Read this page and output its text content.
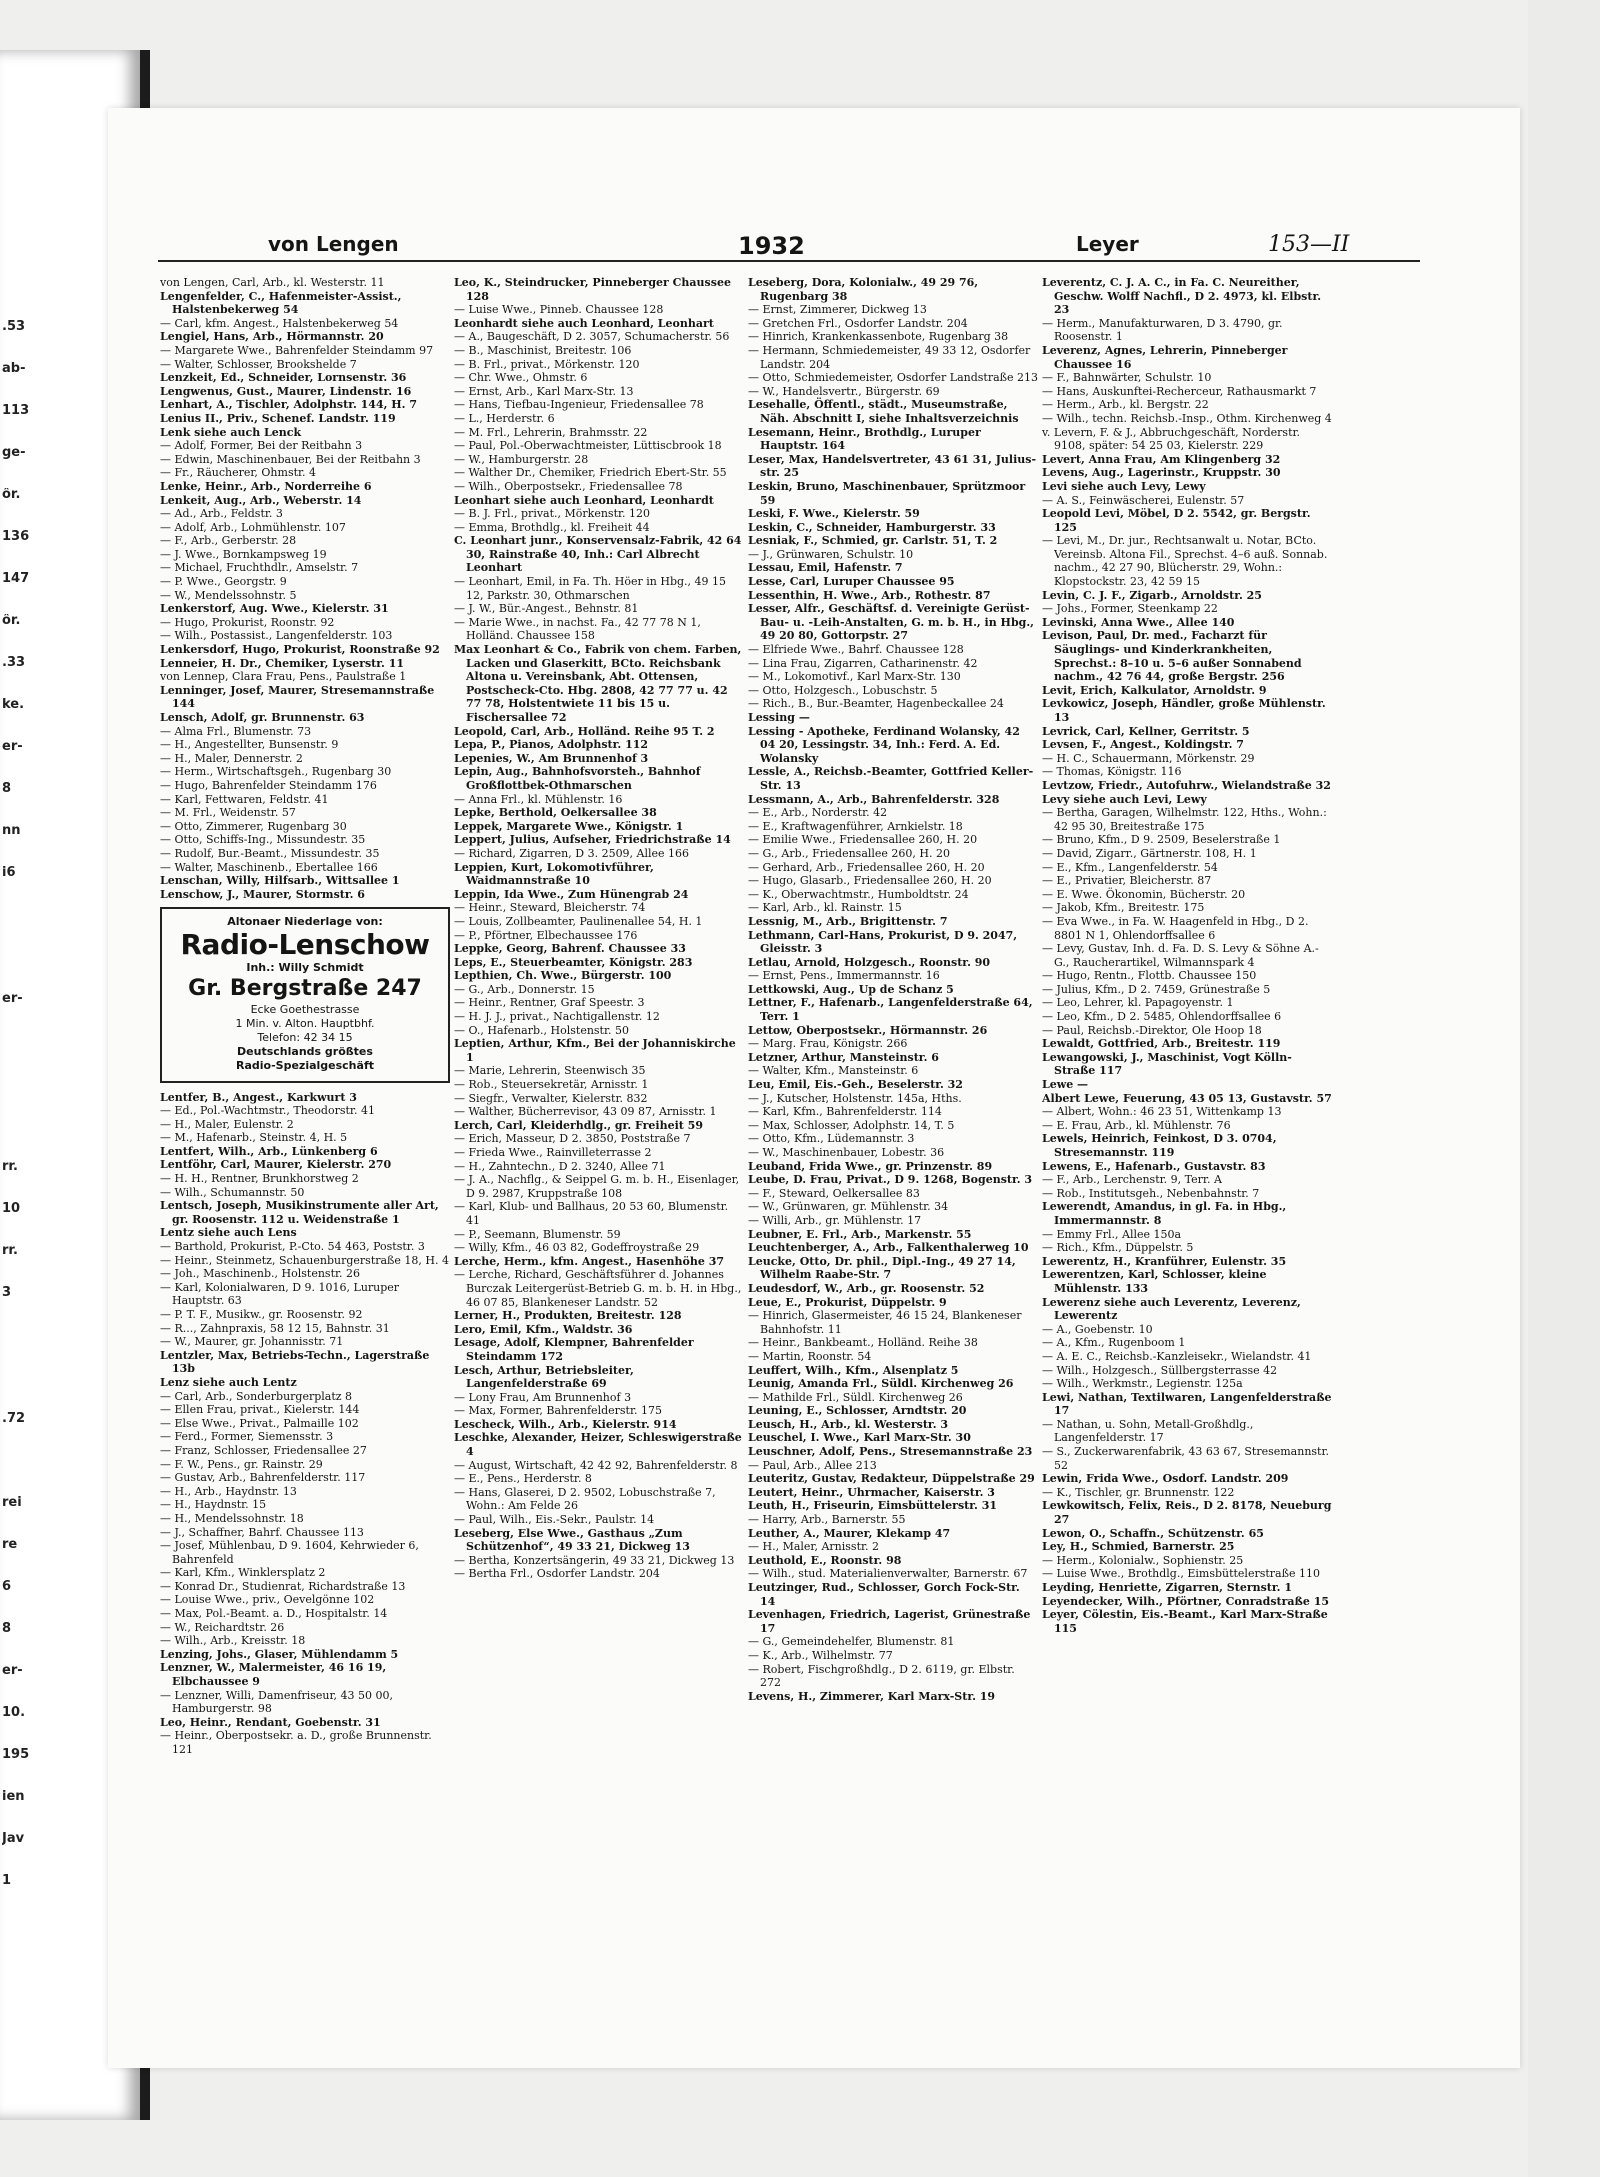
.53
ab-
113
ge-
ôr.
136
147
ôr.
.33
ke.
er-
8
nn
i6
er-
rr.
10
rr.
3
.72
rei
re
6
8
er-
10.
195
ien
Jav
1
von Lengen	1932	Leyer	153—II

von Lengen, Carl, Arb., kl. Westerstr. 11

Lengenfelder, C., Hafenmeister-Assist., Halstenbekerweg 54

— Carl, kfm. Angest., Halstenbekerweg 54

Lengiel, Hans, Arb., Hörmannstr. 20

— Margarete Wwe., Bahrenfelder Steindamm 97

— Walter, Schlosser, Brookshelde 7

Lenzkeit, Ed., Schneider, Lornsenstr. 36

Lengwenus, Gust., Maurer, Lindenstr. 16

Lenhart, A., Tischler, Adolphstr. 144, H. 7

Lenius II., Priv., Schenef. Landstr. 119

Lenk siehe auch Lenck

— Adolf, Former, Bei der Reitbahn 3

— Edwin, Maschinenbauer, Bei der Reitbahn 3

— Fr., Räucherer, Ohmstr. 4

Lenke, Heinr., Arb., Norderreihe 6

Lenkeit, Aug., Arb., Weberstr. 14

— Ad., Arb., Feldstr. 3

— Adolf, Arb., Lohmühlenstr. 107

— F., Arb., Gerberstr. 28

— J. Wwe., Bornkampsweg 19

— Michael, Fruchthdlr., Amselstr. 7

— P. Wwe., Georgstr. 9

— W., Mendelssohnstr. 5

Lenkerstorf, Aug. Wwe., Kielerstr. 31

— Hugo, Prokurist, Roonstr. 92

— Wilh., Postassist., Langenfelderstr. 103

Lenkersdorf, Hugo, Prokurist, Roonstraße 92

Lenneier, H. Dr., Chemiker, Lyserstr. 11

von Lennep, Clara Frau, Pens., Paulstraße 1

Lenninger, Josef, Maurer, Stresemannstraße 144

Lensch, Adolf, gr. Brunnenstr. 63

— Alma Frl., Blumenstr. 73

— H., Angestellter, Bunsenstr. 9

— H., Maler, Dennerstr. 2

— Herm., Wirtschaftsgeh., Rugenbarg 30

— Hugo, Bahrenfelder Steindamm 176

— Karl, Fettwaren, Feldstr. 41

— M. Frl., Weidenstr. 57

— Otto, Zimmerer, Rugenbarg 30

— Otto, Schiffs-Ing., Missundestr. 35

— Rudolf, Bur.-Beamt., Missundestr. 35

— Walter, Maschinenb., Ebertallee 166

Lenschan, Willy, Hilfsarb., Wittsallee 1

Lenschow, J., Maurer, Stormstr. 6

Altonaer Niederlage von:
Radio-Lenschow
Inh.: Willy Schmidt
Gr. Bergstraße 247
Ecke Goethestrasse
1 Min. v. Alton. Hauptbhf.
Telefon: 42 34 15
Deutschlands größtes
Radio-Spezialgeschäft

Lentfer, B., Angest., Karkwurt 3

— Ed., Pol.-Wachtmstr., Theodorstr. 41

— H., Maler, Eulenstr. 2

— M., Hafenarb., Steinstr. 4, H. 5

Lentfert, Wilh., Arb., Lünkenberg 6

Lentföhr, Carl, Maurer, Kielerstr. 270

— H. H., Rentner, Brunkhorstweg 2

— Wilh., Schumannstr. 50

Lentsch, Joseph, Musikinstrumente aller Art, gr. Roosenstr. 112 u. Weidenstraße 1

Lentz siehe auch Lens

— Barthold, Prokurist, P.-Cto. 54 463, Poststr. 3

— Heinr., Steinmetz, Schauenburgerstraße 18, H. 4

— Joh., Maschinenb., Holstenstr. 26

— Karl, Kolonialwaren, D 9. 1016, Luruper Hauptstr. 63

— P. T. F., Musikw., gr. Roosenstr. 92

— R..., Zahnpraxis, 58 12 15, Bahnstr. 31

— W., Maurer, gr. Johannisstr. 71

Lentzler, Max, Betriebs-Techn., Lagerstraße 13b

Lenz siehe auch Lentz

— Carl, Arb., Sonderburgerplatz 8

— Ellen Frau, privat., Kielerstr. 144

— Else Wwe., Privat., Palmaille 102

— Ferd., Former, Siemensstr. 3

— Franz, Schlosser, Friedensallee 27

— F. W., Pens., gr. Rainstr. 29

— Gustav, Arb., Bahrenfelderstr. 117

— H., Arb., Haydnstr. 13

— H., Haydnstr. 15

— H., Mendelssohnstr. 18

— J., Schaffner, Bahrf. Chaussee 113

— Josef, Mühlenbau, D 9. 1604, Kehrwieder 6, Bahrenfeld

— Karl, Kfm., Winklersplatz 2

— Konrad Dr., Studienrat, Richardstraße 13

— Louise Wwe., priv., Oevelgönne 102

— Max, Pol.-Beamt. a. D., Hospitalstr. 14

— W., Reichardtstr. 26

— Wilh., Arb., Kreisstr. 18

Lenzing, Johs., Glaser, Mühlendamm 5

Lenzner, W., Malermeister, 46 16 19, Elbchaussee 9

— Lenzner, Willi, Damenfriseur, 43 50 00, Hamburgerstr. 98

Leo, Heinr., Rendant, Goebenstr. 31

— Heinr., Oberpostsekr. a. D., große Brunnenstr. 121

Leo, K., Steindrucker, Pinneberger Chaussee 128

— Luise Wwe., Pinneb. Chaussee 128

Leonhardt siehe auch Leonhard, Leonhart

— A., Baugeschäft, D 2. 3057, Schumacherstr. 56

— B., Maschinist, Breitestr. 106

— B. Frl., privat., Mörkenstr. 120

— Chr. Wwe., Ohmstr. 6

— Ernst, Arb., Karl Marx-Str. 13

— Hans, Tiefbau-Ingenieur, Friedensallee 78

— L., Herderstr. 6

— M. Frl., Lehrerin, Brahmsstr. 22

— Paul, Pol.-Oberwachtmeister, Lüttiscbrook 18

— W., Hamburgerstr. 28

— Walther Dr., Chemiker, Friedrich Ebert-Str. 55

— Wilh., Oberpostsekr., Friedensallee 78

Leonhart siehe auch Leonhard, Leonhardt

— B. J. Frl., privat., Mörkenstr. 120

— Emma, Brothdlg., kl. Freiheit 44

C. Leonhart junr., Konservensalz-Fabrik, 42 64 30, Rainstraße 40, Inh.: Carl Albrecht Leonhart

— Leonhart, Emil, in Fa. Th. Höer in Hbg., 49 15 12, Parkstr. 30, Othmarschen

— J. W., Bür.-Angest., Behnstr. 81

— Marie Wwe., in nachst. Fa., 42 77 78 N 1, Holländ. Chaussee 158

Max Leonhart & Co., Fabrik von chem. Farben, Lacken und Glaserkitt, BCto. Reichsbank Altona u. Vereinsbank, Abt. Ottensen, Postscheck-Cto. Hbg. 2808, 42 77 77 u. 42 77 78, Holstentwiete 11 bis 15 u. Fischersallee 72

Leopold, Carl, Arb., Holländ. Reihe 95 T. 2

Lepa, P., Pianos, Adolphstr. 112

Lepenies, W., Am Brunnenhof 3

Lepin, Aug., Bahnhofsvorsteh., Bahnhof Großflottbek-Othmarschen

— Anna Frl., kl. Mühlenstr. 16

Lepke, Berthold, Oelkersallee 38

Leppek, Margarete Wwe., Königstr. 1

Leppert, Julius, Aufseher, Friedrichstraße 14

— Richard, Zigarren, D 3. 2509, Allee 166

Leppien, Kurt, Lokomotivführer, Waidmannstraße 10

Leppin, Ida Wwe., Zum Hünengrab 24

— Heinr., Steward, Bleicherstr. 74

— Louis, Zollbeamter, Paulinenallee 54, H. 1

— P., Pförtner, Elbechaussee 176

Leppke, Georg, Bahrenf. Chaussee 33

Leps, E., Steuerbeamter, Königstr. 283

Lepthien, Ch. Wwe., Bürgerstr. 100

— G., Arb., Donnerstr. 15

— Heinr., Rentner, Graf Speestr. 3

— H. J. J., privat., Nachtigallenstr. 12

— O., Hafenarb., Holstenstr. 50

Leptien, Arthur, Kfm., Bei der Johanniskirche 1

— Marie, Lehrerin, Steenwisch 35

— Rob., Steuersekretär, Arnisstr. 1

— Siegfr., Verwalter, Kielerstr. 832

— Walther, Bücherrevisor, 43 09 87, Arnisstr. 1

Lerch, Carl, Kleiderhdlg., gr. Freiheit 59

— Erich, Masseur, D 2. 3850, Poststraße 7

— Frieda Wwe., Rainvilleterrasse 2

— H., Zahntechn., D 2. 3240, Allee 71

— J. A., Nachflg., & Seippel G. m. b. H., Eisenlager, D 9. 2987, Kruppstraße 108

— Karl, Klub- und Ballhaus, 20 53 60, Blumenstr. 41

— P., Seemann, Blumenstr. 59

— Willy, Kfm., 46 03 82, Godeffroystraße 29

Lerche, Herm., kfm. Angest., Hasenhöhe 37

— Lerche, Richard, Geschäftsführer d. Johannes Burczak Leitergerüst-Betrieb G. m. b. H. in Hbg., 46 07 85, Blankeneser Landstr. 52

Lerner, H., Produkten, Breitestr. 128

Lero, Emil, Kfm., Waldstr. 36

Lesage, Adolf, Klempner, Bahrenfelder Steindamm 172

Lesch, Arthur, Betriebsleiter, Langenfelderstraße 69

— Lony Frau, Am Brunnenhof 3

— Max, Former, Bahrenfelderstr. 175

Lescheck, Wilh., Arb., Kielerstr. 914

Leschke, Alexander, Heizer, Schleswigerstraße 4

— August, Wirtschaft, 42 42 92, Bahrenfelderstr. 8

— E., Pens., Herderstr. 8

— Hans, Glaserei, D 2. 9502, Lobuschstraße 7, Wohn.: Am Felde 26

— Paul, Wilh., Eis.-Sekr., Paulstr. 14

Leseberg, Else Wwe., Gasthaus „Zum Schützenhof“, 49 33 21, Dickweg 13

— Bertha, Konzertsängerin, 49 33 21, Dickweg 13

— Bertha Frl., Osdorfer Landstr. 204

Leseberg, Dora, Kolonialw., 49 29 76, Rugenbarg 38

— Ernst, Zimmerer, Dickweg 13

— Gretchen Frl., Osdorfer Landstr. 204

— Hinrich, Krankenkassenbote, Rugenbarg 38

— Hermann, Schmiedemeister, 49 33 12, Osdorfer Landstr. 204

— Otto, Schmiedemeister, Osdorfer Landstraße 213

— W., Handelsvertr., Bürgerstr. 69

Lesehalle, Öffentl., städt., Museumstraße, Näh. Abschnitt I, siehe Inhaltsverzeichnis

Lesemann, Heinr., Brothdlg., Luruper Hauptstr. 164

Leser, Max, Handelsvertreter, 43 61 31, Juliusstr. 25

Leskin, Bruno, Maschinenbauer, Sprützmoor 59

Leski, F. Wwe., Kielerstr. 59

Leskin, C., Schneider, Hamburgerstr. 33

Lesniak, F., Schmied, gr. Carlstr. 51, T. 2

— J., Grünwaren, Schulstr. 10

Lessau, Emil, Hafenstr. 7

Lesse, Carl, Luruper Chaussee 95

Lessenthin, H. Wwe., Arb., Rothestr. 87

Lesser, Alfr., Geschäftsf. d. Vereinigte Gerüst-Bau- u. -Leih-Anstalten, G. m. b. H., in Hbg., 49 20 80, Gottorpstr. 27

— Elfriede Wwe., Bahrf. Chaussee 128

— Lina Frau, Zigarren, Catharinenstr. 42

— M., Lokomotivf., Karl Marx-Str. 130

— Otto, Holzgesch., Lobuschstr. 5

— Rich., B., Bur.-Beamter, Hagenbeckallee 24

Lessing —

Lessing - Apotheke, Ferdinand Wolansky, 42 04 20, Lessingstr. 34, Inh.: Ferd. A. Ed. Wolansky

Lessle, A., Reichsb.-Beamter, Gottfried Keller-Str. 13

Lessmann, A., Arb., Bahrenfelderstr. 328

— E., Arb., Norderstr. 42

— E., Kraftwagenführer, Arnkielstr. 18

— Emilie Wwe., Friedensallee 260, H. 20

— G., Arb., Friedensallee 260, H. 20

— Gerhard, Arb., Friedensallee 260, H. 20

— Hugo, Glasarb., Friedensallee 260, H. 20

— K., Oberwachtmstr., Humboldtstr. 24

— Karl, Arb., kl. Rainstr. 15

Lessnig, M., Arb., Brigittenstr. 7

Lethmann, Carl-Hans, Prokurist, D 9. 2047, Gleisstr. 3

Letlau, Arnold, Holzgesch., Roonstr. 90

— Ernst, Pens., Immermannstr. 16

Lettkowski, Aug., Up de Schanz 5

Lettner, F., Hafenarb., Langenfelderstraße 64, Terr. 1

Lettow, Oberpostsekr., Hörmannstr. 26

— Marg. Frau, Königstr. 266

Letzner, Arthur, Mansteinstr. 6

— Walter, Kfm., Mansteinstr. 6

Leu, Emil, Eis.-Geh., Beselerstr. 32

— J., Kutscher, Holstenstr. 145a, Hths.

— Karl, Kfm., Bahrenfelderstr. 114

— Max, Schlosser, Adolphstr. 14, T. 5

— Otto, Kfm., Lüdemannstr. 3

— W., Maschinenbauer, Lobestr. 36

Leuband, Frida Wwe., gr. Prinzenstr. 89

Leube, D. Frau, Privat., D 9. 1268, Bogenstr. 3

— F., Steward, Oelkersallee 83

— W., Grünwaren, gr. Mühlenstr. 34

— Willi, Arb., gr. Mühlenstr. 17

Leubner, E. Frl., Arb., Markenstr. 55

Leuchtenberger, A., Arb., Falkenthalerweg 10

Leucke, Otto, Dr. phil., Dipl.-Ing., 49 27 14, Wilhelm Raabe-Str. 7

Leudesdorf, W., Arb., gr. Roosenstr. 52

Leue, E., Prokurist, Düppelstr. 9

— Hinrich, Glasermeister, 46 15 24, Blankeneser Bahnhofstr. 11

— Heinr., Bankbeamt., Holländ. Reihe 38

— Martin, Roonstr. 54

Leuffert, Wilh., Kfm., Alsenplatz 5

Leunig, Amanda Frl., Süldl. Kirchenweg 26

— Mathilde Frl., Süldl. Kirchenweg 26

Leuning, E., Schlosser, Arndtstr. 20

Leusch, H., Arb., kl. Westerstr. 3

Leuschel, I. Wwe., Karl Marx-Str. 30

Leuschner, Adolf, Pens., Stresemannstraße 23

— Paul, Arb., Allee 213

Leuteritz, Gustav, Redakteur, Düppelstraße 29

Leutert, Heinr., Uhrmacher, Kaiserstr. 3

Leuth, H., Friseurin, Eimsbüttelerstr. 31

— Harry, Arb., Barnerstr. 55

Leuther, A., Maurer, Klekamp 47

— H., Maler, Arnisstr. 2

Leuthold, E., Roonstr. 98

— Wilh., stud. Materialienverwalter, Barnerstr. 67

Leutzinger, Rud., Schlosser, Gorch Fock-Str. 14

Levenhagen, Friedrich, Lagerist, Grünestraße 17

— G., Gemeindehelfer, Blumenstr. 81

— K., Arb., Wilhelmstr. 77

— Robert, Fischgroßhdlg., D 2. 6119, gr. Elbstr. 272

Levens, H., Zimmerer, Karl Marx-Str. 19

Leverentz, C. J. A. C., in Fa. C. Neureither, Geschw. Wolff Nachfl., D 2. 4973, kl. Elbstr. 23

— Herm., Manufakturwaren, D 3. 4790, gr. Roosenstr. 1

Leverenz, Agnes, Lehrerin, Pinneberger Chaussee 16

— F., Bahnwärter, Schulstr. 10

— Hans, Auskunftei-Recherceur, Rathausmarkt 7

— Herm., Arb., kl. Bergstr. 22

— Wilh., techn. Reichsb.-Insp., Othm. Kirchenweg 4

v. Levern, F. & J., Abbruchgeschäft, Norderstr. 9108, später: 54 25 03, Kielerstr. 229

Levert, Anna Frau, Am Klingenberg 32

Levens, Aug., Lagerinstr., Kruppstr. 30

Levi siehe auch Levy, Lewy

— A. S., Feinwäscherei, Eulenstr. 57

Leopold Levi, Möbel, D 2. 5542, gr. Bergstr. 125

— Levi, M., Dr. jur., Rechtsanwalt u. Notar, BCto. Vereinsb. Altona Fil., Sprechst. 4–6 auß. Sonnab. nachm., 42 27 90, Blücherstr. 29, Wohn.: Klopstockstr. 23, 42 59 15

Levin, C. J. F., Zigarb., Arnoldstr. 25

— Johs., Former, Steenkamp 22

Levinski, Anna Wwe., Allee 140

Levison, Paul, Dr. med., Facharzt für Säuglings- und Kinderkrankheiten, Sprechst.: 8–10 u. 5–6 außer Sonnabend nachm., 42 76 44, große Bergstr. 256

Levit, Erich, Kalkulator, Arnoldstr. 9

Levkowicz, Joseph, Händler, große Mühlenstr. 13

Levrick, Carl, Kellner, Gerritstr. 5

Levsen, F., Angest., Koldingstr. 7

— H. C., Schauermann, Mörkenstr. 29

— Thomas, Königstr. 116

Levtzow, Friedr., Autofuhrw., Wielandstraße 32

Levy siehe auch Levi, Lewy

— Bertha, Garagen, Wilhelmstr. 122, Hths., Wohn.: 42 95 30, Breitestraße 175

— Bruno, Kfm., D 9. 2509, Beselerstraße 1

— David, Zigarr., Gärtnerstr. 108, H. 1

— E., Kfm., Langenfelderstr. 54

— E., Privatier, Bleicherstr. 87

— E. Wwe. Ökonomin, Bücherstr. 20

— Jakob, Kfm., Breitestr. 175

— Eva Wwe., in Fa. W. Haagenfeld in Hbg., D 2. 8801 N 1, Ohlendorffsallee 6

— Levy, Gustav, Inh. d. Fa. D. S. Levy & Söhne A.-G., Raucherartikel, Wilmannspark 4

— Hugo, Rentn., Flottb. Chaussee 150

— Julius, Kfm., D 2. 7459, Grünestraße 5

— Leo, Lehrer, kl. Papagoyenstr. 1

— Leo, Kfm., D 2. 5485, Ohlendorffsallee 6

— Paul, Reichsb.-Direktor, Ole Hoop 18

Lewaldt, Gottfried, Arb., Breitestr. 119

Lewangowski, J., Maschinist, Vogt Kölln-Straße 117

Lewe —

Albert Lewe, Feuerung, 43 05 13, Gustavstr. 57

— Albert, Wohn.: 46 23 51, Wittenkamp 13

— E. Frau, Arb., kl. Mühlenstr. 76

Lewels, Heinrich, Feinkost, D 3. 0704, Stresemannstr. 119

Lewens, E., Hafenarb., Gustavstr. 83

— F., Arb., Lerchenstr. 9, Terr. A

— Rob., Institutsgeh., Nebenbahnstr. 7

Lewerendt, Amandus, in gl. Fa. in Hbg., Immermannstr. 8

— Emmy Frl., Allee 150a

— Rich., Kfm., Düppelstr. 5

Lewerentz, H., Kranführer, Eulenstr. 35

Lewerentzen, Karl, Schlosser, kleine Mühlenstr. 133

Lewerenz siehe auch Leverentz, Leverenz, Lewerentz

— A., Goebenstr. 10

— A., Kfm., Rugenboom 1

— A. E. C., Reichsb.-Kanzleisekr., Wielandstr. 41

— Wilh., Holzgesch., Süllbergsterrasse 42

— Wilh., Werkmstr., Legienstr. 125a

Lewi, Nathan, Textilwaren, Langenfelderstraße 17

— Nathan, u. Sohn, Metall-Großhdlg., Langenfelderstr. 17

— S., Zuckerwarenfabrik, 43 63 67, Stresemannstr. 52

Lewin, Frida Wwe., Osdorf. Landstr. 209

— K., Tischler, gr. Brunnenstr. 122

Lewkowitsch, Felix, Reis., D 2. 8178, Neueburg 27

Lewon, O., Schaffn., Schützenstr. 65

Ley, H., Schmied, Barnerstr. 25

— Herm., Kolonialw., Sophienstr. 25

— Luise Wwe., Brothdlg., Eimsbüttelerstraße 110

Leyding, Henriette, Zigarren, Sternstr. 1

Leyendecker, Wilh., Pförtner, Conradstraße 15

Leyer, Cölestin, Eis.-Beamt., Karl Marx-Straße 115
